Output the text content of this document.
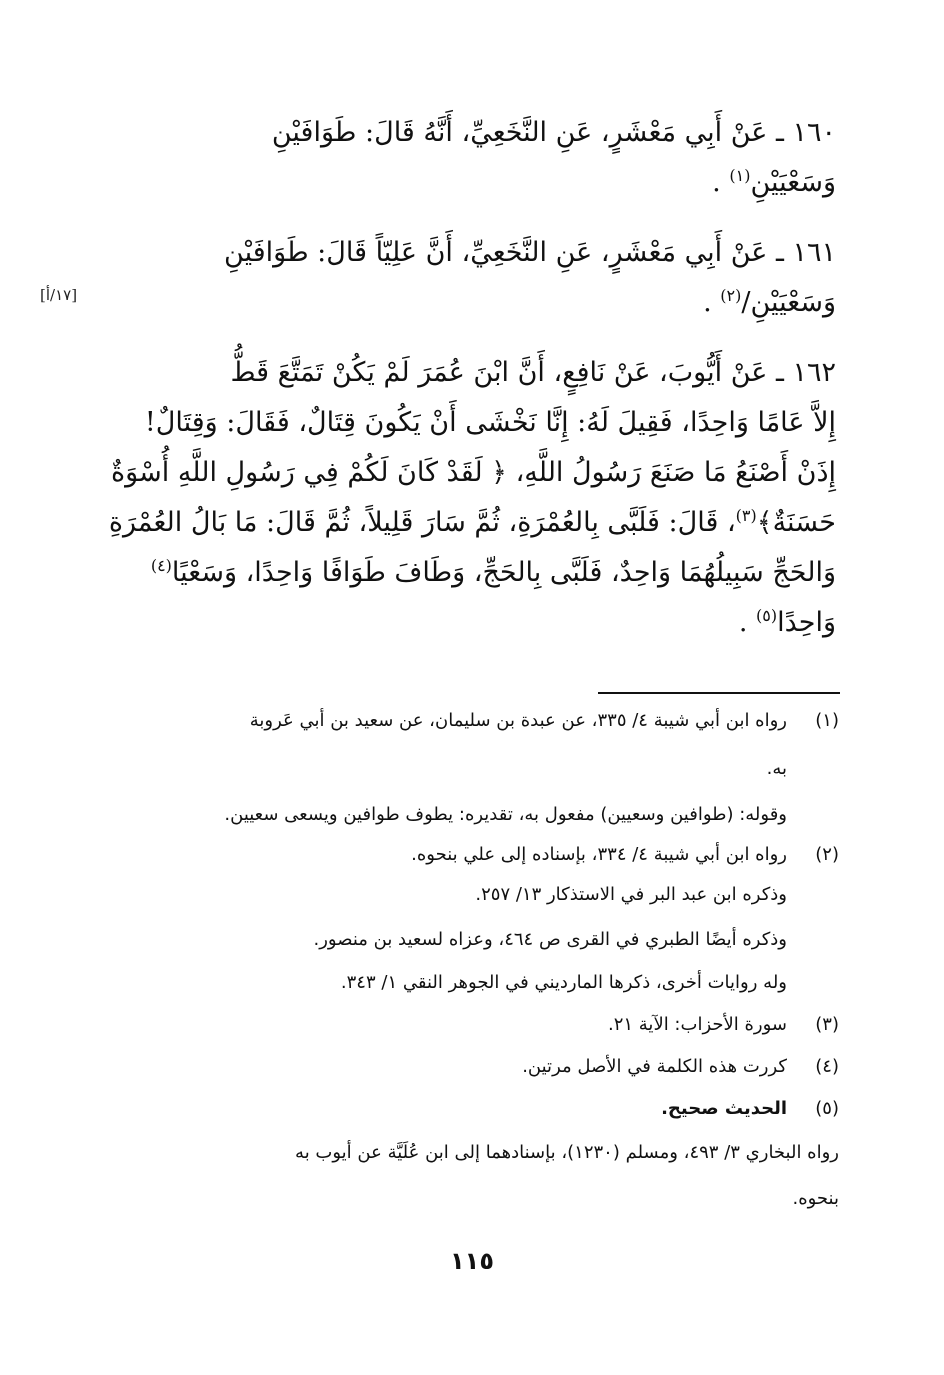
١٦٠ ـ عَنْ أَبِي مَعْشَرٍ، عَنِ النَّخَعِيِّ، أَنَّهُ قَالَ: طَوَافَيْنِ

وَسَعْيَيْنِ$^{(١)}$ .

١٦١ ـ عَنْ أَبِي مَعْشَرٍ، عَنِ النَّخَعِيِّ، أَنَّ عَلِيّاً قَالَ: طَوَافَيْنِ

وَسَعْيَيْنِ/$^{(٢)}$ .

[١٧/أ]

١٦٢ ـ عَنْ أَيُّوبَ، عَنْ نَافِعٍ، أَنَّ ابْنَ عُمَرَ لَمْ يَكُنْ تَمَتَّعَ قَطُّ

إِلاَّ عَامًا وَاحِدًا، فَقِيلَ لَهُ: إِنَّا نَخْشَى أَنْ يَكُونَ قِتَالٌ، فَقَالَ: وَقِتَالٌ!

إِذَنْ أَصْنَعُ مَا صَنَعَ رَسُولُ اللَّهِ، ﴿ لَقَدْ كَانَ لَكُمْ فِي رَسُولِ اللَّهِ أُسْوَةٌ

حَسَنَةٌ﴾$^{(٣)}$، قَالَ: فَلَبَّى بِالعُمْرَةِ، ثُمَّ سَارَ قَلِيلاً، ثُمَّ قَالَ: مَا بَالُ العُمْرَةِ

وَالحَجِّ سَبِيلُهُمَا وَاحِدٌ، فَلَبَّى بِالحَجِّ، وَطَافَ طَوَافًا وَاحِدًا، وَسَعْيًا$^{(٤)}$

وَاحِدًا$^{(٥)}$ .

(١)رواه ابن أبي شيبة ٤/ ٣٣٥، عن عبدة بن سليمان، عن سعيد بن أبي عَروبة
به.
وقوله: (طوافين وسعيين) مفعول به، تقديره: يطوف طوافين ويسعى سعيين.
(٢)رواه ابن أبي شيبة ٤/ ٣٣٤، بإسناده إلى علي بنحوه.
وذكره ابن عبد البر في الاستذكار ١٣/ ٢٥٧.
وذكره أيضًا الطبري في القرى ص ٤٦٤، وعزاه لسعيد بن منصور.
وله روايات أخرى، ذكرها المارديني في الجوهر النقي ١/ ٣٤٣.
(٣)سورة الأحزاب: الآية ٢١.
(٤)كررت هذه الكلمة في الأصل مرتين.
(٥)الحديث صحيح.
رواه البخاري ٣/ ٤٩٣، ومسلم (١٢٣٠)، بإسنادهما إلى ابن عُلَيَّة عن أيوب به
بنحوه.
١١٥
